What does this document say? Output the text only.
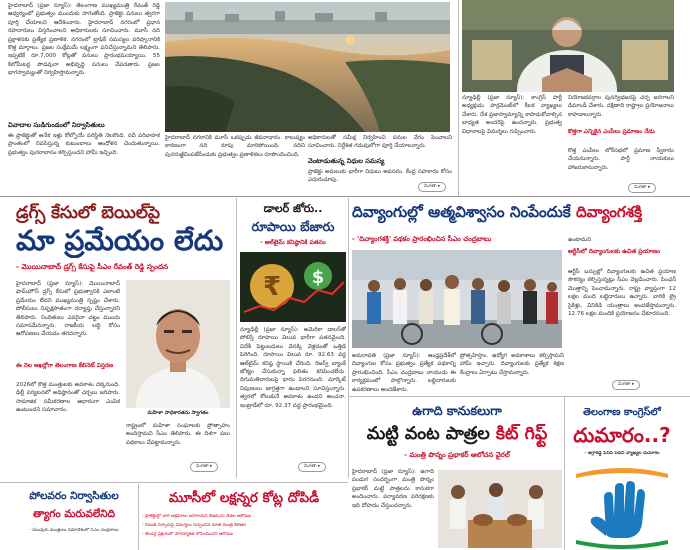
హైదరాబాద్ (ప్రజా న్యూస్): తెలంగాణ ముఖ్యమంత్రి రేవంత్ రెడ్డి ఆధ్వర్యంలో ప్రభుత్వం ముందుకు సాగుతోంది. ప్రాజెక్టు పనులు త్వరగా పూర్తి చేయాలని ఆదేశించారు. హైదరాబాద్ నగరంలో ప్రధాన రహదారులు విస్తరించాలని అధికారులకు సూచించారు. మూసీ నది ప్రక్షాళనకు ప్రత్యేక ప్రణాళిక. నగరంలో ట్రాఫిక్ సమస్యల పరిష్కారానికి కొత్త మార్గాలు. ప్రజల సంక్షేమమే లక్ష్యంగా పనిచేస్తున్నామని తెలిపారు. ఇప్పటికే రూ.7,000 కోట్లతో పనులు ప్రారంభమయ్యాయి. 55 కిలోమీటర్ల పొడవునా అభివృద్ధి పనులు చేపడతారు. ప్రజల భాగస్వామ్యంతో నిర్వహిస్తామన్నారు.

వివాదాల సుడిగుండంలో నిర్వాసితులు

ఈ ప్రాజెక్టుతో అనేక ఇళ్లు కోల్పోయే పరిస్థితి నెలకొంది. నదీ పరివాహక ప్రాంతంలో నివసిస్తున్న కుటుంబాలు ఆందోళన చెందుతున్నాయి. ప్రభుత్వం పునరావాసం కల్పిస్తుందని హామీ ఇచ్చింది.

హైదరాబాద్ నగరానికి మూసీ ఒకప్పుడు జీవనాధారం. కాలుష్యం కారణంగా నది రూపు మారిపోయింది. నదిని పునరుజ్జీవింపజేసేందుకు ప్రభుత్వం ప్రణాళికలు రూపొందించింది.

అధికారులతో సమీక్ష నిర్వహించి పనుల వేగం పెంచాలని సూచించారు. నిర్దేశిత గడువులోగా పూర్తి చేయాలన్నారు.

వెంటాడుతున్న నిధుల సమస్య

ప్రాజెక్టు అమలుకు భారీగా నిధులు అవసరం. కేంద్ర సహకారం కోసం ఎదురుచూపు.

మిగతా ▸

న్యూఢిల్లీ (ప్రజా న్యూస్): కాంగ్రెస్ పార్టీ అధ్యక్షుడు పార్లమెంట్‌లో కీలక వ్యాఖ్యలు చేశారు. దేశ ప్రజాస్వామ్యాన్ని కాపాడుకోవాల్సిన బాధ్యత అందరిపై ఉందన్నారు. ప్రభుత్వ విధానాలపై విమర్శలు గుప్పించారు.

నియోజకవర్గాల పునర్విభజనపై చర్చ జరగాలని డిమాండ్ చేశారు. దక్షిణాది రాష్ట్రాల ప్రయోజనాలు కాపాడాలన్నారు.

కొత్తగా ఎన్నికైన ఎంపీలు ప్రమాణం నేడు

కొత్త ఎంపీలు లోక్‌సభలో ప్రమాణ స్వీకారం చేయనున్నారు. పార్టీ నాయకులు హాజరుకానున్నారు.

మిగతా ▸
డ్రగ్స్ కేసులో బెయిల్‌పై
మా ప్రమేయం లేదు
- మొయినాబాద్ డ్రగ్స్ కేసుపై సీఎం రేవంత్ రెడ్డి స్పందన

హైదరాబాద్ (ప్రజా న్యూస్): మొయినాబాద్ ఫామ్‌హౌస్ డ్రగ్స్ కేసులో ప్రభుత్వానికి ఎలాంటి ప్రమేయం లేదని ముఖ్యమంత్రి స్పష్టం చేశారు. పోలీసులు నిష్పక్షపాతంగా దర్యాప్తు చేస్తున్నారని తెలిపారు. నిందితులు ఎవరైనా చట్టం ముందు సమానమేనన్నారు. రాజకీయ లబ్ధి కోసం ఆరోపణలు చేయడం తగదన్నారు.

ఈ నెల ఆఖర్లోగా తెలంగాణ కేబినెట్ విస్తరణ

2026లో కొత్త మంత్రులకు అవకాశం దక్కనుంది. ఢిల్లీ పర్యటనలో అధిష్ఠానంతో చర్చలు జరిపారు. సామాజిక సమీకరణాల ఆధారంగా ఎంపిక ఉంటుందని సమాచారం.	మహిళా సాధికారతను స్వాగతం

రాష్ట్రంలో మహిళా సంఘాలకు ప్రోత్సాహం అందిస్తామని సీఎం తెలిపారు. ఈ దిశగా పలు పథకాలు చేపట్టామన్నారు.

మిగతా ▸
డాలర్ జోరు..
రూపాయి బేజారు
- ఆల్‌టైమ్ కనిష్ఠానికి పతనం
₹ $

న్యూఢిల్లీ (ప్రజా న్యూస్): అమెరికా డాలర్‌తో పోలిస్తే రూపాయి విలువ భారీగా పతనమైంది. విదేశీ పెట్టుబడులు వెనక్కి వెళ్లడంతో ఒత్తిడి పెరిగింది. రూపాయి విలువ రూ. 92.63 వద్ద ఆల్‌టైమ్ కనిష్ఠ స్థాయికి చేరింది. రిజర్వ్ బ్యాంక్ జోక్యం చేసుకున్నా ఫలితం కనిపించలేదు. దిగుమతిదారులపై భారం పెరగనుంది. మార్కెట్ నిపుణులు జాగ్రత్తగా ఉండాలని సూచిస్తున్నారు. త్వరలో కోలుకునే అవకాశం ఉందని అంచనా. ఇంట్రాడేలో రూ. 92.37 వద్ద ప్రారంభమైంది.

మిగతా ▸
దివ్యాంగుల్లో ఆత్మవిశ్వాసం నింపేందుకే దివ్యాంగశక్తి
- 'దివ్యాంగశక్తి' పథకం ప్రారంభించిన సీఎం చంద్రబాబు

అమరావతి (ప్రజా న్యూస్): ఆంధ్రప్రదేశ్‌లో దివ్యాంగుల కోసం ప్రభుత్వం ప్రత్యేక పథకాన్ని ప్రారంభించింది. సీఎం చంద్రబాబు నాయుడు ఈ కార్యక్రమంలో పాల్గొన్నారు. లబ్ధిదారులకు ఉపకరణాలు అందజేశారు.

ప్రోత్సహిస్తాం. ఉద్యోగ అవకాశాలు కల్పిస్తామని హామీ ఇచ్చారు. దివ్యాంగులకు ప్రత్యేక శిక్షణ కేంద్రాలు ఏర్పాటు చేస్తామన్నారు.

ఉంటామని

ఆర్టీసీలో దివ్యాంగులకు ఉచిత ప్రయాణం

ఆర్టీసీ బస్సుల్లో దివ్యాంగులకు ఉచిత ప్రయాణ సౌకర్యం కల్పిస్తున్నట్లు సీఎం వెల్లడించారు. పింఛన్ మొత్తాన్ని పెంచామన్నారు. రాష్ట్ర వ్యాప్తంగా 12 లక్షల మంది లబ్ధిదారులు ఉన్నారు. వారికి ట్రై సైకిళ్లు, వినికిడి యంత్రాలు అందజేస్తామన్నారు. 12.76 లక్షల మందికి ప్రయోజనం చేకూరనుంది.

మిగతా ▸
ఉగాది కానుకలుగా
మట్టి వంట పాత్రల కిట్ గిఫ్ట్
- మంత్రి పొన్నం ప్రభాకర్ ఆలోచన వైరల్

హైదరాబాద్ (ప్రజా న్యూస్): ఉగాది పండుగ సందర్భంగా మంత్రి పొన్నం ప్రభాకర్ మట్టి పాత్రలను కానుకగా అందించారు. పర్యావరణ పరిరక్షణకు ఇది దోహదం చేస్తుందన్నారు.

తెలంగాణ కాంగ్రెస్‌లో
దుమారం..?
- జగ్గారెడ్డి పీసీసీ పదవి వ్యాఖ్యల దుమారం
పోలవరం నిర్వాసితుల
త్యాగం మరువలేనిది
- పలువురు మంత్రులు సమావేశంలో సీఎం చంద్రబాబు
మూసీలో లక్షన్నర కోట్ల దోపిడీ
- ప్రాజెక్టుల్లో భారీ అక్రమాలు జరిగాయని బీఆర్ఎస్ నేతల ఆరోపణ
- రేవంత్ సర్కారుపై విమర్శలు గుప్పించిన మాజీ మంత్రి కేటీఆర్
- టెండర్ల ప్రక్రియలో పారదర్శకత లోపించిందని ఆరోపణ
